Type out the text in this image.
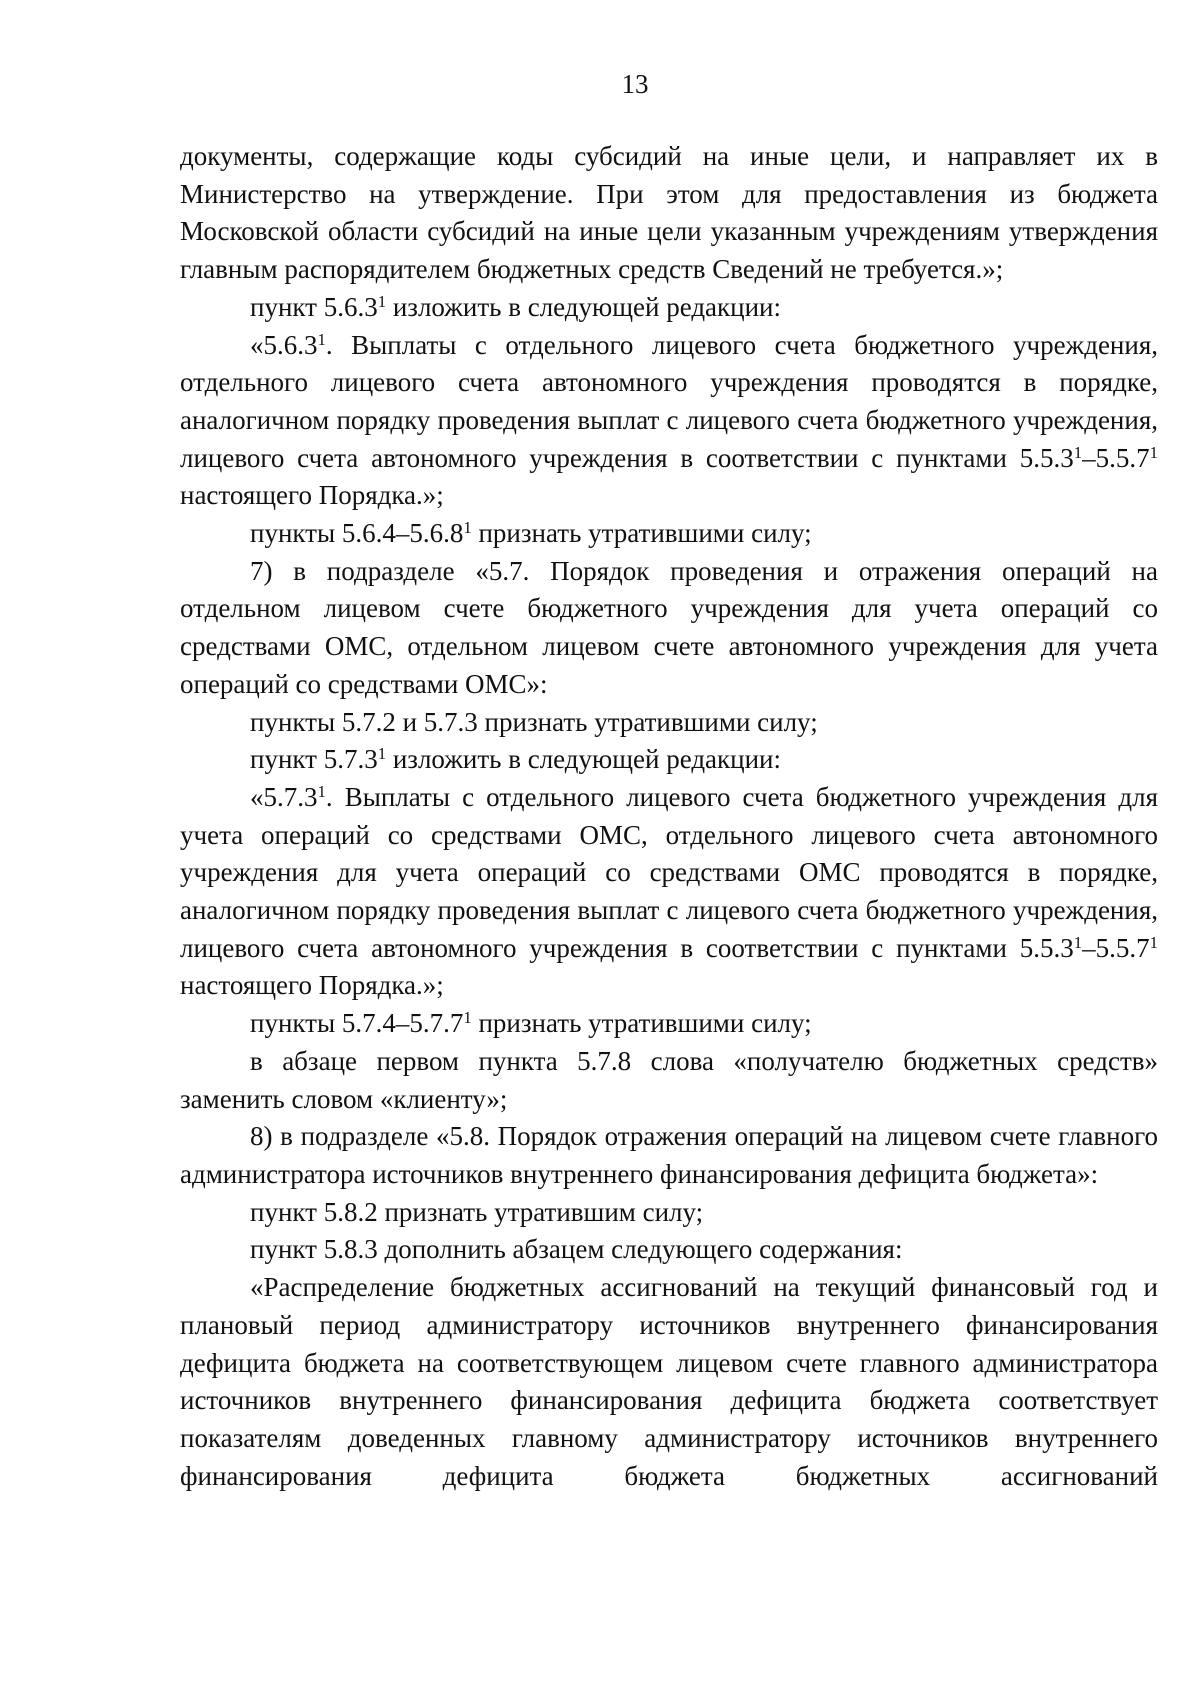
13

документы, содержащие коды субсидий на иные цели, и направляет их в Министерство на утверждение. При этом для предоставления из бюджета Московской области субсидий на иные цели указанным учреждениям утверждения главным распорядителем бюджетных средств Сведений не требуется.»;

пункт 5.6.3$^1$ изложить в следующей редакции:

«5.6.3$^1$. Выплаты с отдельного лицевого счета бюджетного учреждения, отдельного лицевого счета автономного учреждения проводятся в порядке, аналогичном порядку проведения выплат с лицевого счета бюджетного учреждения, лицевого счета автономного учреждения в соответствии с пунктами 5.5.3$^1$–5.5.7$^1$ настоящего Порядка.»;

пункты 5.6.4–5.6.8$^1$ признать утратившими силу;

7) в подразделе «5.7. Порядок проведения и отражения операций на отдельном лицевом счете бюджетного учреждения для учета операций со средствами ОМС, отдельном лицевом счете автономного учреждения для учета операций со средствами ОМС»:

пункты 5.7.2 и 5.7.3 признать утратившими силу;

пункт 5.7.3$^1$ изложить в следующей редакции:

«5.7.3$^1$. Выплаты с отдельного лицевого счета бюджетного учреждения для учета операций со средствами ОМС, отдельного лицевого счета автономного учреждения для учета операций со средствами ОМС проводятся в порядке, аналогичном порядку проведения выплат с лицевого счета бюджетного учреждения, лицевого счета автономного учреждения в соответствии с пунктами 5.5.3$^1$–5.5.7$^1$ настоящего Порядка.»;

пункты 5.7.4–5.7.7$^1$ признать утратившими силу;

в абзаце первом пункта 5.7.8 слова «получателю бюджетных средств» заменить словом «клиенту»;

8) в подразделе «5.8. Порядок отражения операций на лицевом счете главного администратора источников внутреннего финансирования дефицита бюджета»:

пункт 5.8.2 признать утратившим силу;

пункт 5.8.3 дополнить абзацем следующего содержания:

«Распределение бюджетных ассигнований на текущий финансовый год и плановый период администратору источников внутреннего финансирования дефицита бюджета на соответствующем лицевом счете главного администратора источников внутреннего финансирования дефицита бюджета соответствует показателям доведенных главному администратору источников внутреннего финансирования дефицита бюджета бюджетных ассигнований
